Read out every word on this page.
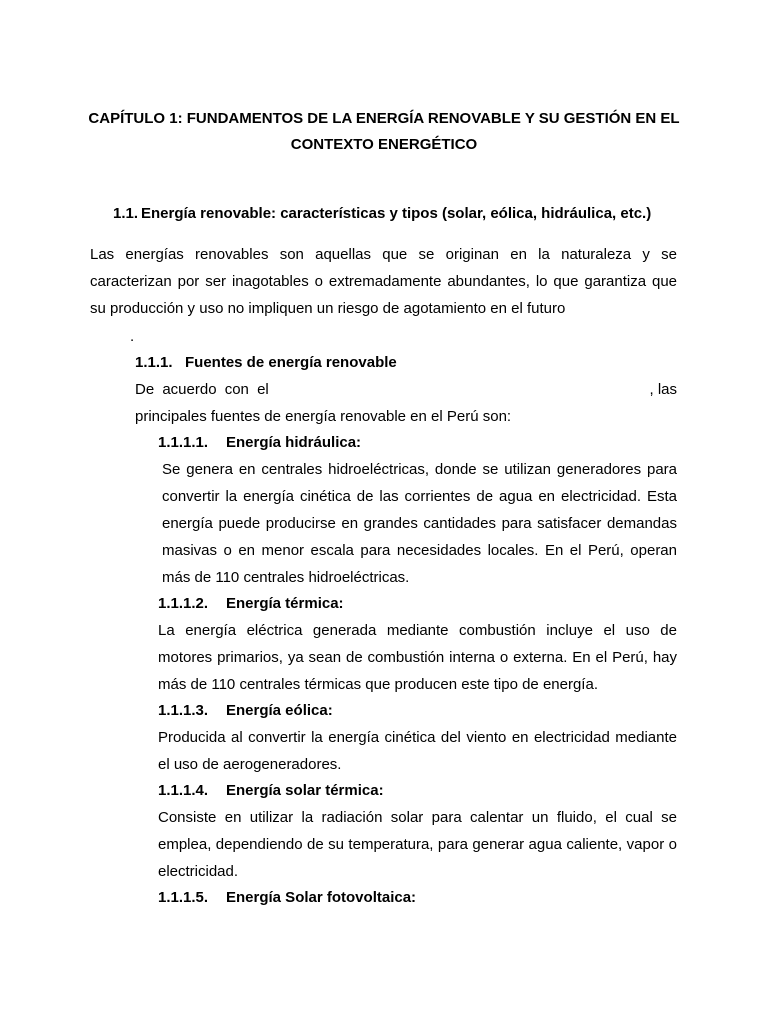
CAPÍTULO 1: FUNDAMENTOS DE LA ENERGÍA RENOVABLE Y SU GESTIÓN EN EL CONTEXTO ENERGÉTICO
1.1. Energía renovable: características y tipos (solar, eólica, hidráulica, etc.)
Las energías renovables son aquellas que se originan en la naturaleza y se caracterizan por ser inagotables o extremadamente abundantes, lo que garantiza que su producción y uso no impliquen un riesgo de agotamiento en el futuro
.
1.1.1. Fuentes de energía renovable
De acuerdo con el	, las
principales fuentes de energía renovable en el Perú son:
1.1.1.1. Energía hidráulica:
Se genera en centrales hidroeléctricas, donde se utilizan generadores para convertir la energía cinética de las corrientes de agua en electricidad. Esta energía puede producirse en grandes cantidades para satisfacer demandas masivas o en menor escala para necesidades locales. En el Perú, operan más de 110 centrales hidroeléctricas.
1.1.1.2. Energía térmica:
La energía eléctrica generada mediante combustión incluye el uso de motores primarios, ya sean de combustión interna o externa. En el Perú, hay más de 110 centrales térmicas que producen este tipo de energía.
1.1.1.3. Energía eólica:
Producida al convertir la energía cinética del viento en electricidad mediante el uso de aerogeneradores.
1.1.1.4. Energía solar térmica:
Consiste en utilizar la radiación solar para calentar un fluido, el cual se emplea, dependiendo de su temperatura, para generar agua caliente, vapor o electricidad.
1.1.1.5. Energía Solar fotovoltaica:
